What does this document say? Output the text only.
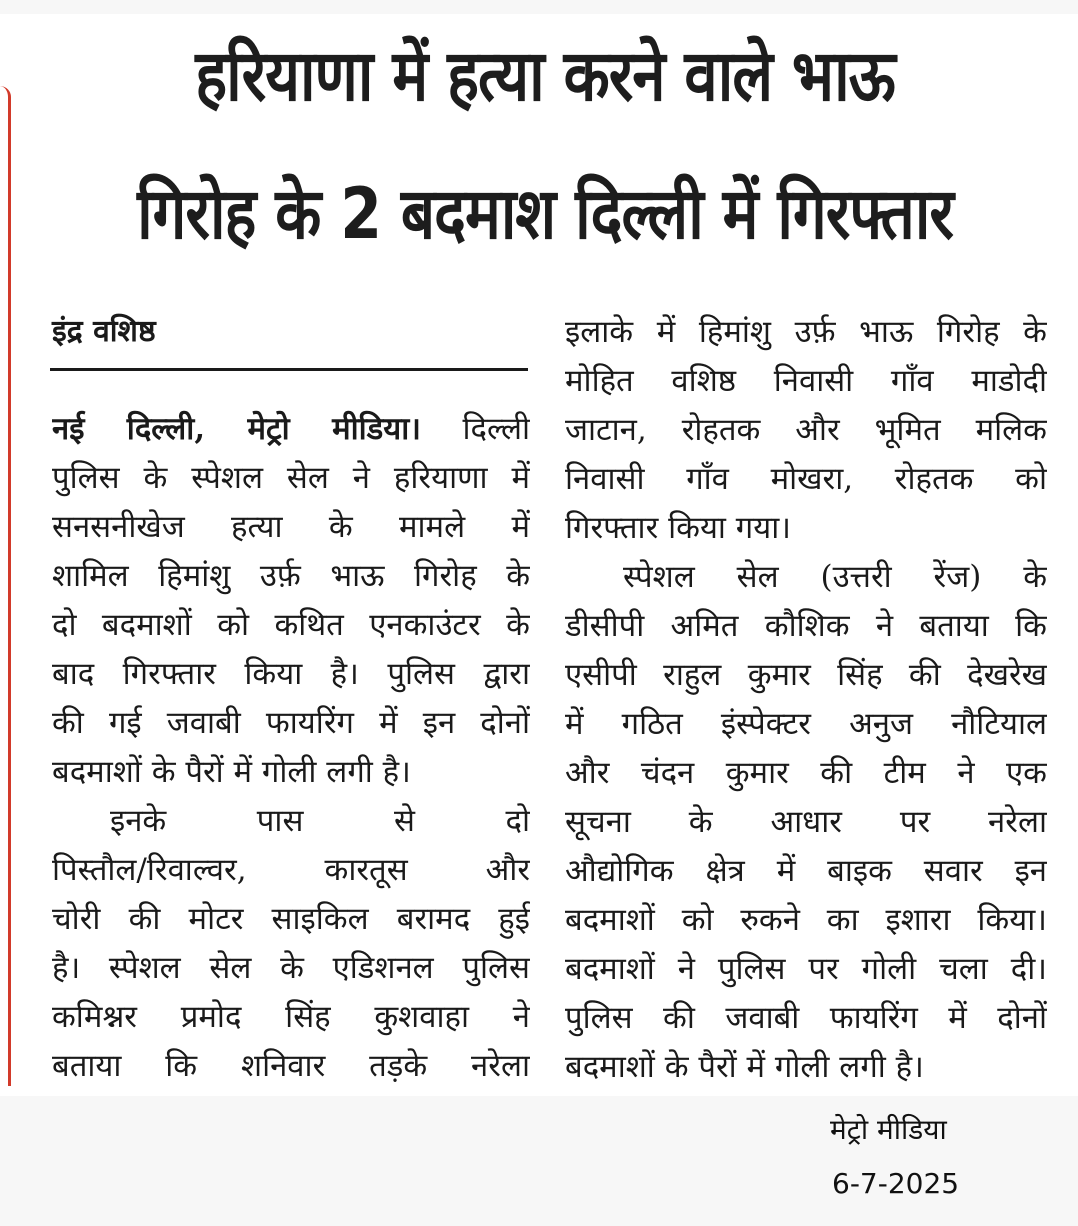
हरियाणा में हत्या करने वाले भाऊ
गिरोह के 2 बदमाश दिल्ली में गिरफ्तार
इंद्र वशिष्ठ
नई दिल्ली, मेट्रो मीडिया। दिल्ली
पुलिस के स्पेशल सेल ने हरियाणा में
सनसनीखेज हत्या के मामले में
शामिल हिमांशु उर्फ़ भाऊ गिरोह के
दो बदमाशों को कथित एनकाउंटर के
बाद गिरफ्तार किया है। पुलिस द्वारा
की गई जवाबी फायरिंग में इन दोनों
बदमाशों के पैरों में गोली लगी है।
इनके पास से दो
पिस्तौल/रिवाल्वर, कारतूस और
चोरी की मोटर साइकिल बरामद हुई
है। स्पेशल सेल के एडिशनल पुलिस
कमिश्नर प्रमोद सिंह कुशवाहा ने
बताया कि शनिवार तड़के नरेला
इलाके में हिमांशु उर्फ़ भाऊ गिरोह के
मोहित वशिष्ठ निवासी गाँव माडोदी
जाटान, रोहतक और भूमित मलिक
निवासी गाँव मोखरा, रोहतक को
गिरफ्तार किया गया।
स्पेशल सेल (उत्तरी रेंज) के
डीसीपी अमित कौशिक ने बताया कि
एसीपी राहुल कुमार सिंह की देखरेख
में गठित इंस्पेक्टर अनुज नौटियाल
और चंदन कुमार की टीम ने एक
सूचना के आधार पर नरेला
औद्योगिक क्षेत्र में बाइक सवार इन
बदमाशों को रुकने का इशारा किया।
बदमाशों ने पुलिस पर गोली चला दी।
पुलिस की जवाबी फायरिंग में दोनों
बदमाशों के पैरों में गोली लगी है।
मेट्रो मीडिया
6-7-2025
